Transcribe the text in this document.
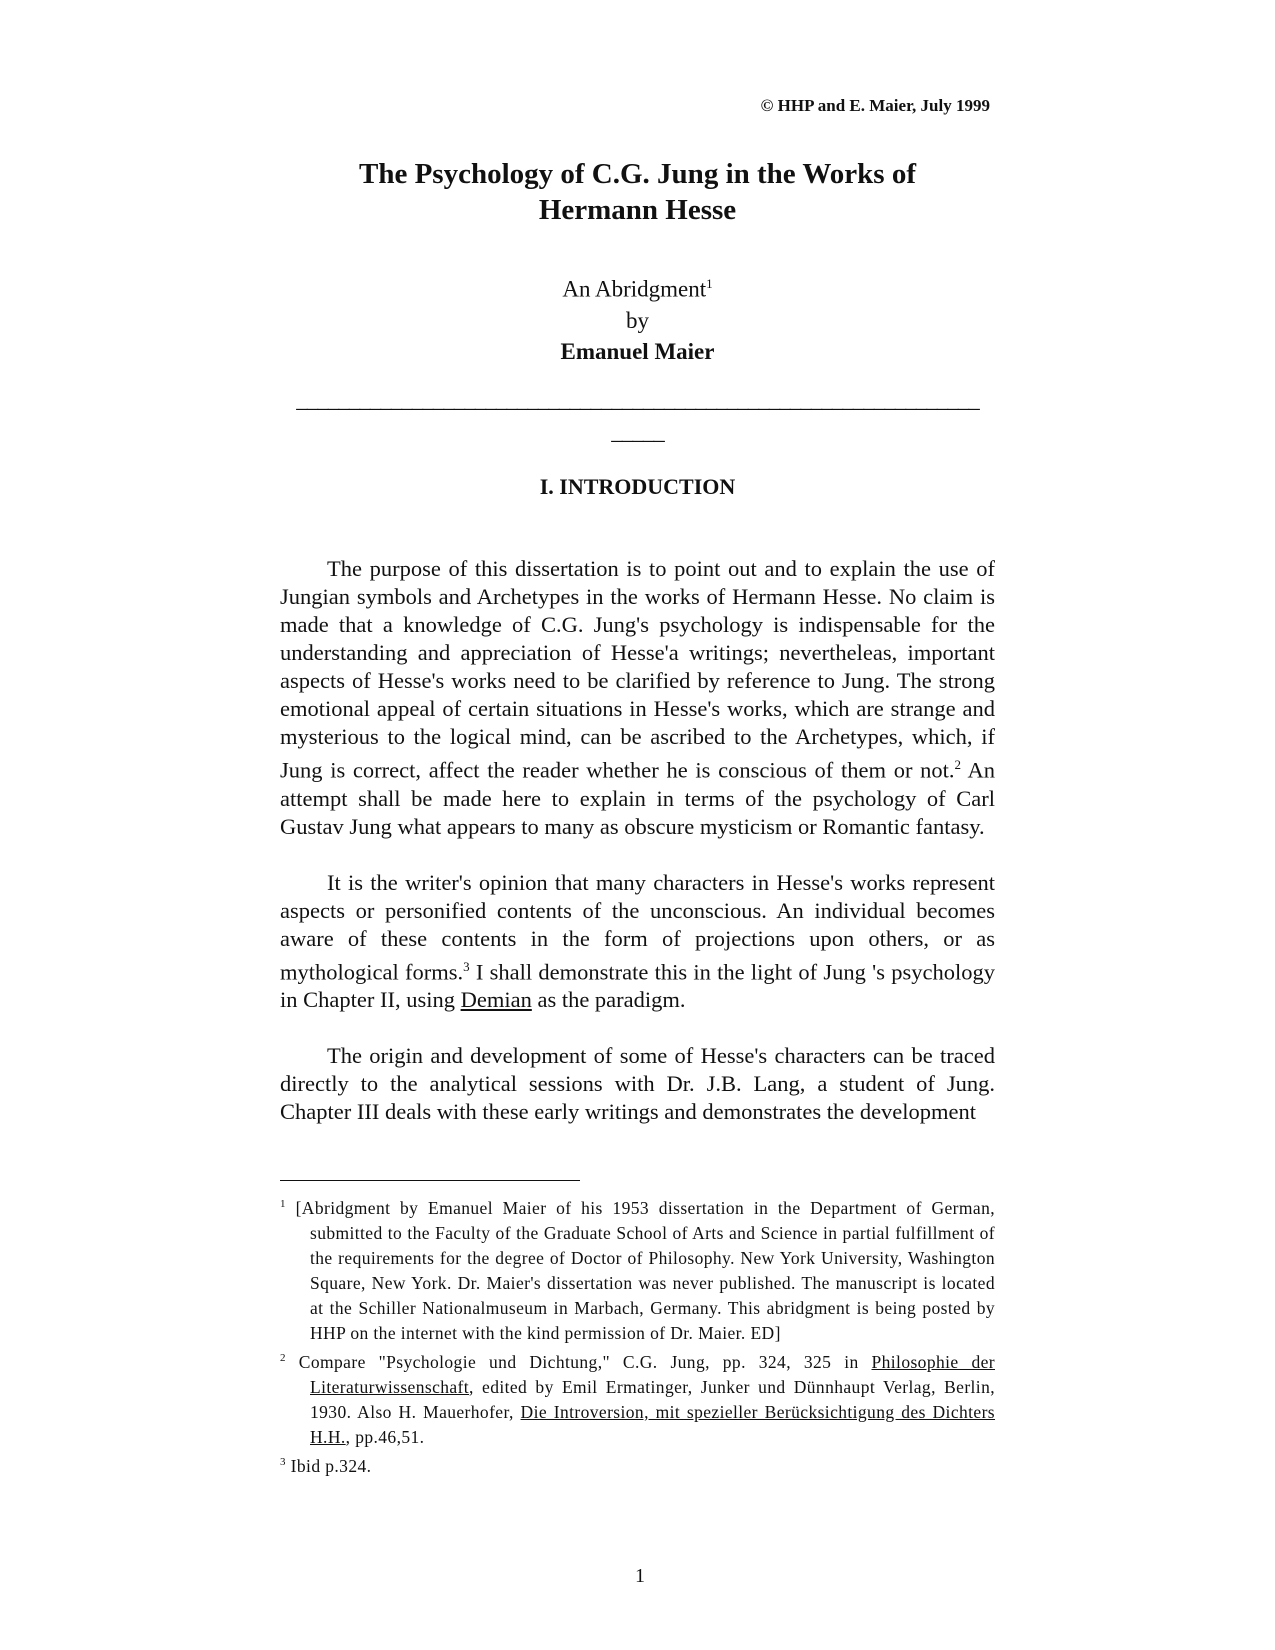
© HHP and E. Maier, July 1999
The Psychology of C.G. Jung in the Works of
Hermann Hesse
An Abridgment$^1$
by
Emanuel Maier
_________________________________________________________________
_____
I. INTRODUCTION

The purpose of this dissertation is to point out and to explain the use of Jungian symbols and Archetypes in the works of Hermann Hesse. No claim is made that a knowledge of C.G. Jung's psychology is indispensable for the understanding and appreciation of Hesse'a writings; nevertheleas, important aspects of Hesse's works need to be clarified by reference to Jung. The strong emotional appeal of certain situations in Hesse's works, which are strange and mysterious to the logical mind, can be ascribed to the Archetypes, which, if Jung is correct, affect the reader whether he is conscious of them or not.$^2$ An attempt shall be made here to explain in terms of the psychology of Carl Gustav Jung what appears to many as obscure mysticism or Romantic fantasy.

It is the writer's opinion that many characters in Hesse's works represent aspects or personified contents of the unconscious. An individual becomes aware of these contents in the form of projections upon others, or as mythological forms.$^3$ I shall demonstrate this in the light of Jung 's psychology in Chapter II, using Demian as the paradigm.

The origin and development of some of Hesse's characters can be traced directly to the analytical sessions with Dr. J.B. Lang, a student of Jung. Chapter III deals with these early writings and demonstrates the development

$^1$ [Abridgment by Emanuel Maier of his 1953 dissertation in the Department of German, submitted to the Faculty of the Graduate School of Arts and Science in partial fulfillment of the requirements for the degree of Doctor of Philosophy. New York University, Washington Square, New York. Dr. Maier's dissertation was never published. The manuscript is located at the Schiller Nationalmuseum in Marbach, Germany. This abridgment is being posted by HHP on the internet with the kind permission of Dr. Maier. ED]

$^2$ Compare "Psychologie und Dichtung," C.G. Jung, pp. 324, 325 in Philosophie der Literaturwissenschaft, edited by Emil Ermatinger, Junker und Dünnhaupt Verlag, Berlin, 1930. Also H. Mauerhofer, Die Introversion, mit spezieller Berücksichtigung des Dichters H.H., pp.46,51.

$^3$ Ibid p.324.

1
